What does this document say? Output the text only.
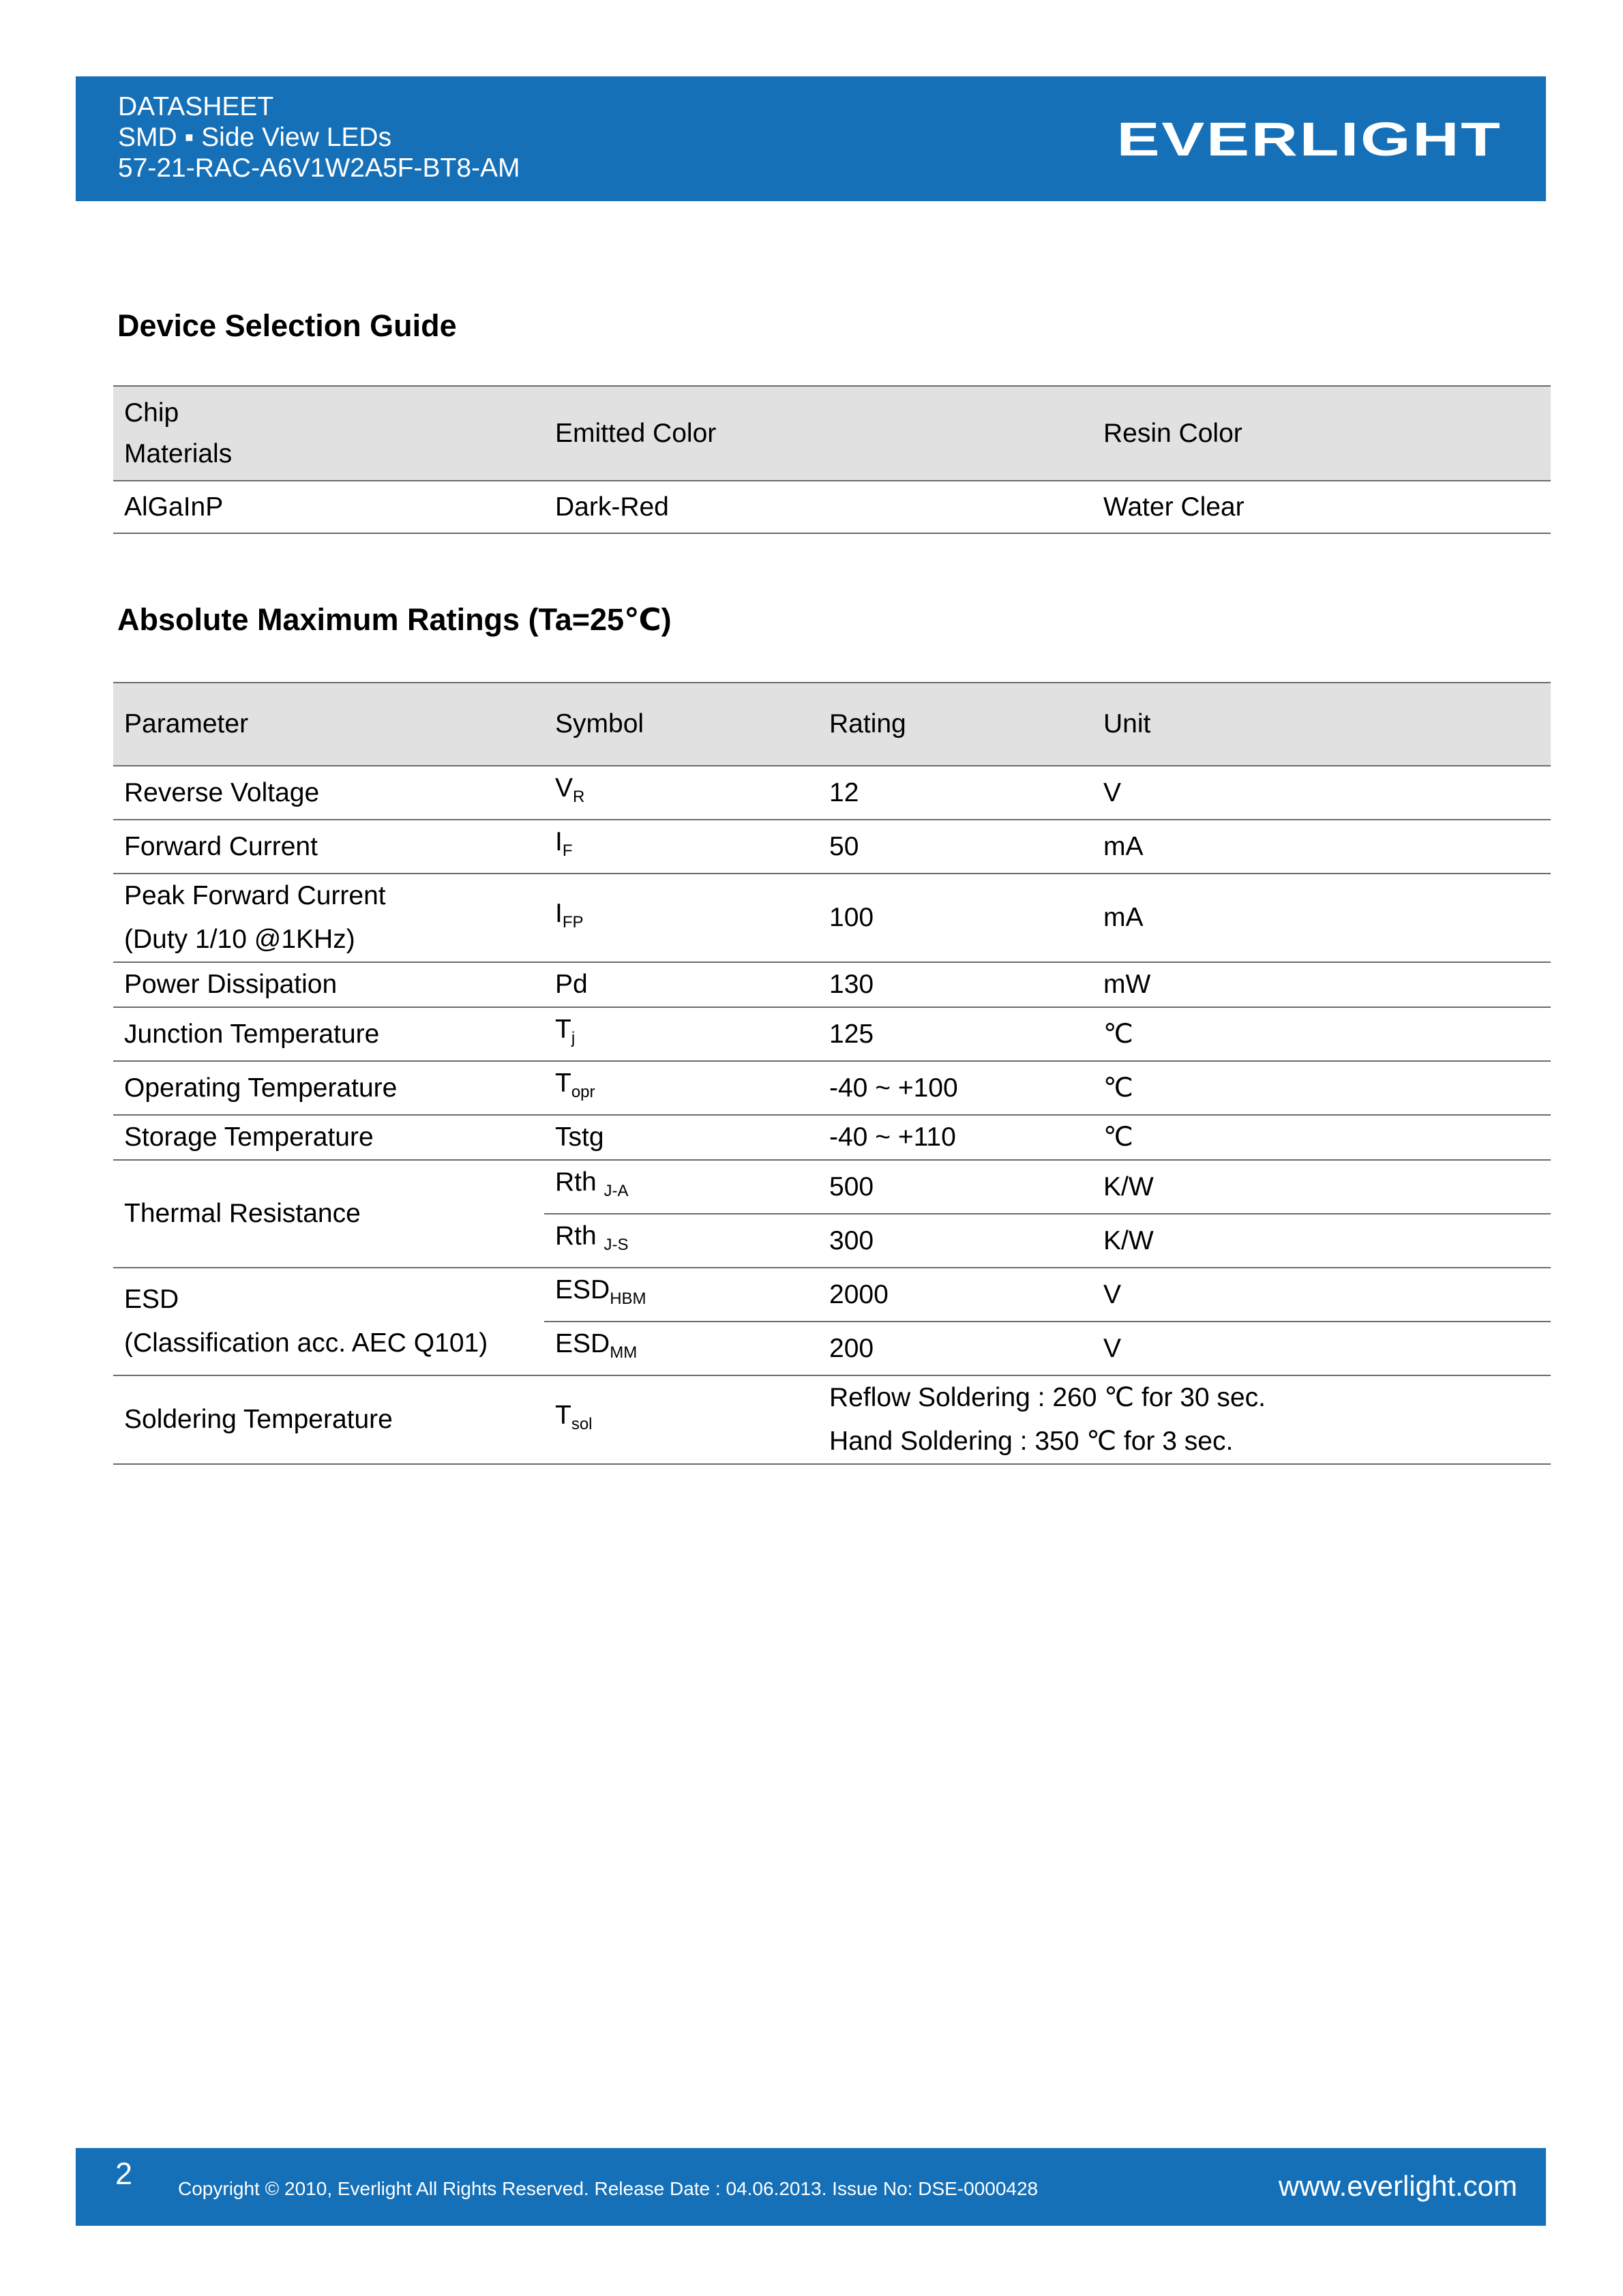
DATASHEET
SMD ▪ Side View LEDs
57-21-RAC-A6V1W2A5F-BT8-AM
EVERLIGHT
Device Selection Guide
Chip
Materials	Emitted Color	Resin Color
AlGaInP	Dark-Red	Water Clear
Absolute Maximum Ratings (Ta=25℃)
Parameter	Symbol	Rating	Unit
Reverse Voltage	$V_R$	12	V
Forward Current	$I_F$	50	mA

Peak Forward Current
(Duty 1/10 @1KHz)	$I_{FP}$	100	mA
Power Dissipation	Pd	130	mW
Junction Temperature	$T_j$	125	℃
Operating Temperature	$T_{opr}$	-40 ~ +100	℃
Storage Temperature	Tstg	-40 ~ +110	℃
Thermal Resistance	Rth $_{J-A}$	500	K/W
	Rth $_{J-S}$	300	K/W

ESD
(Classification acc. AEC Q101)	$ESD_{HBM}$	2000	V
	$ESD_{MM}$	200	V
Soldering Temperature	$T_{sol}$	Reflow Soldering : 260 ℃ for 30 sec.
Hand Soldering : 350 ℃ for 3 sec.	
2 Copyright © 2010, Everlight All Rights Reserved. Release Date : 04.06.2013. Issue No: DSE-0000428	www.everlight.com
